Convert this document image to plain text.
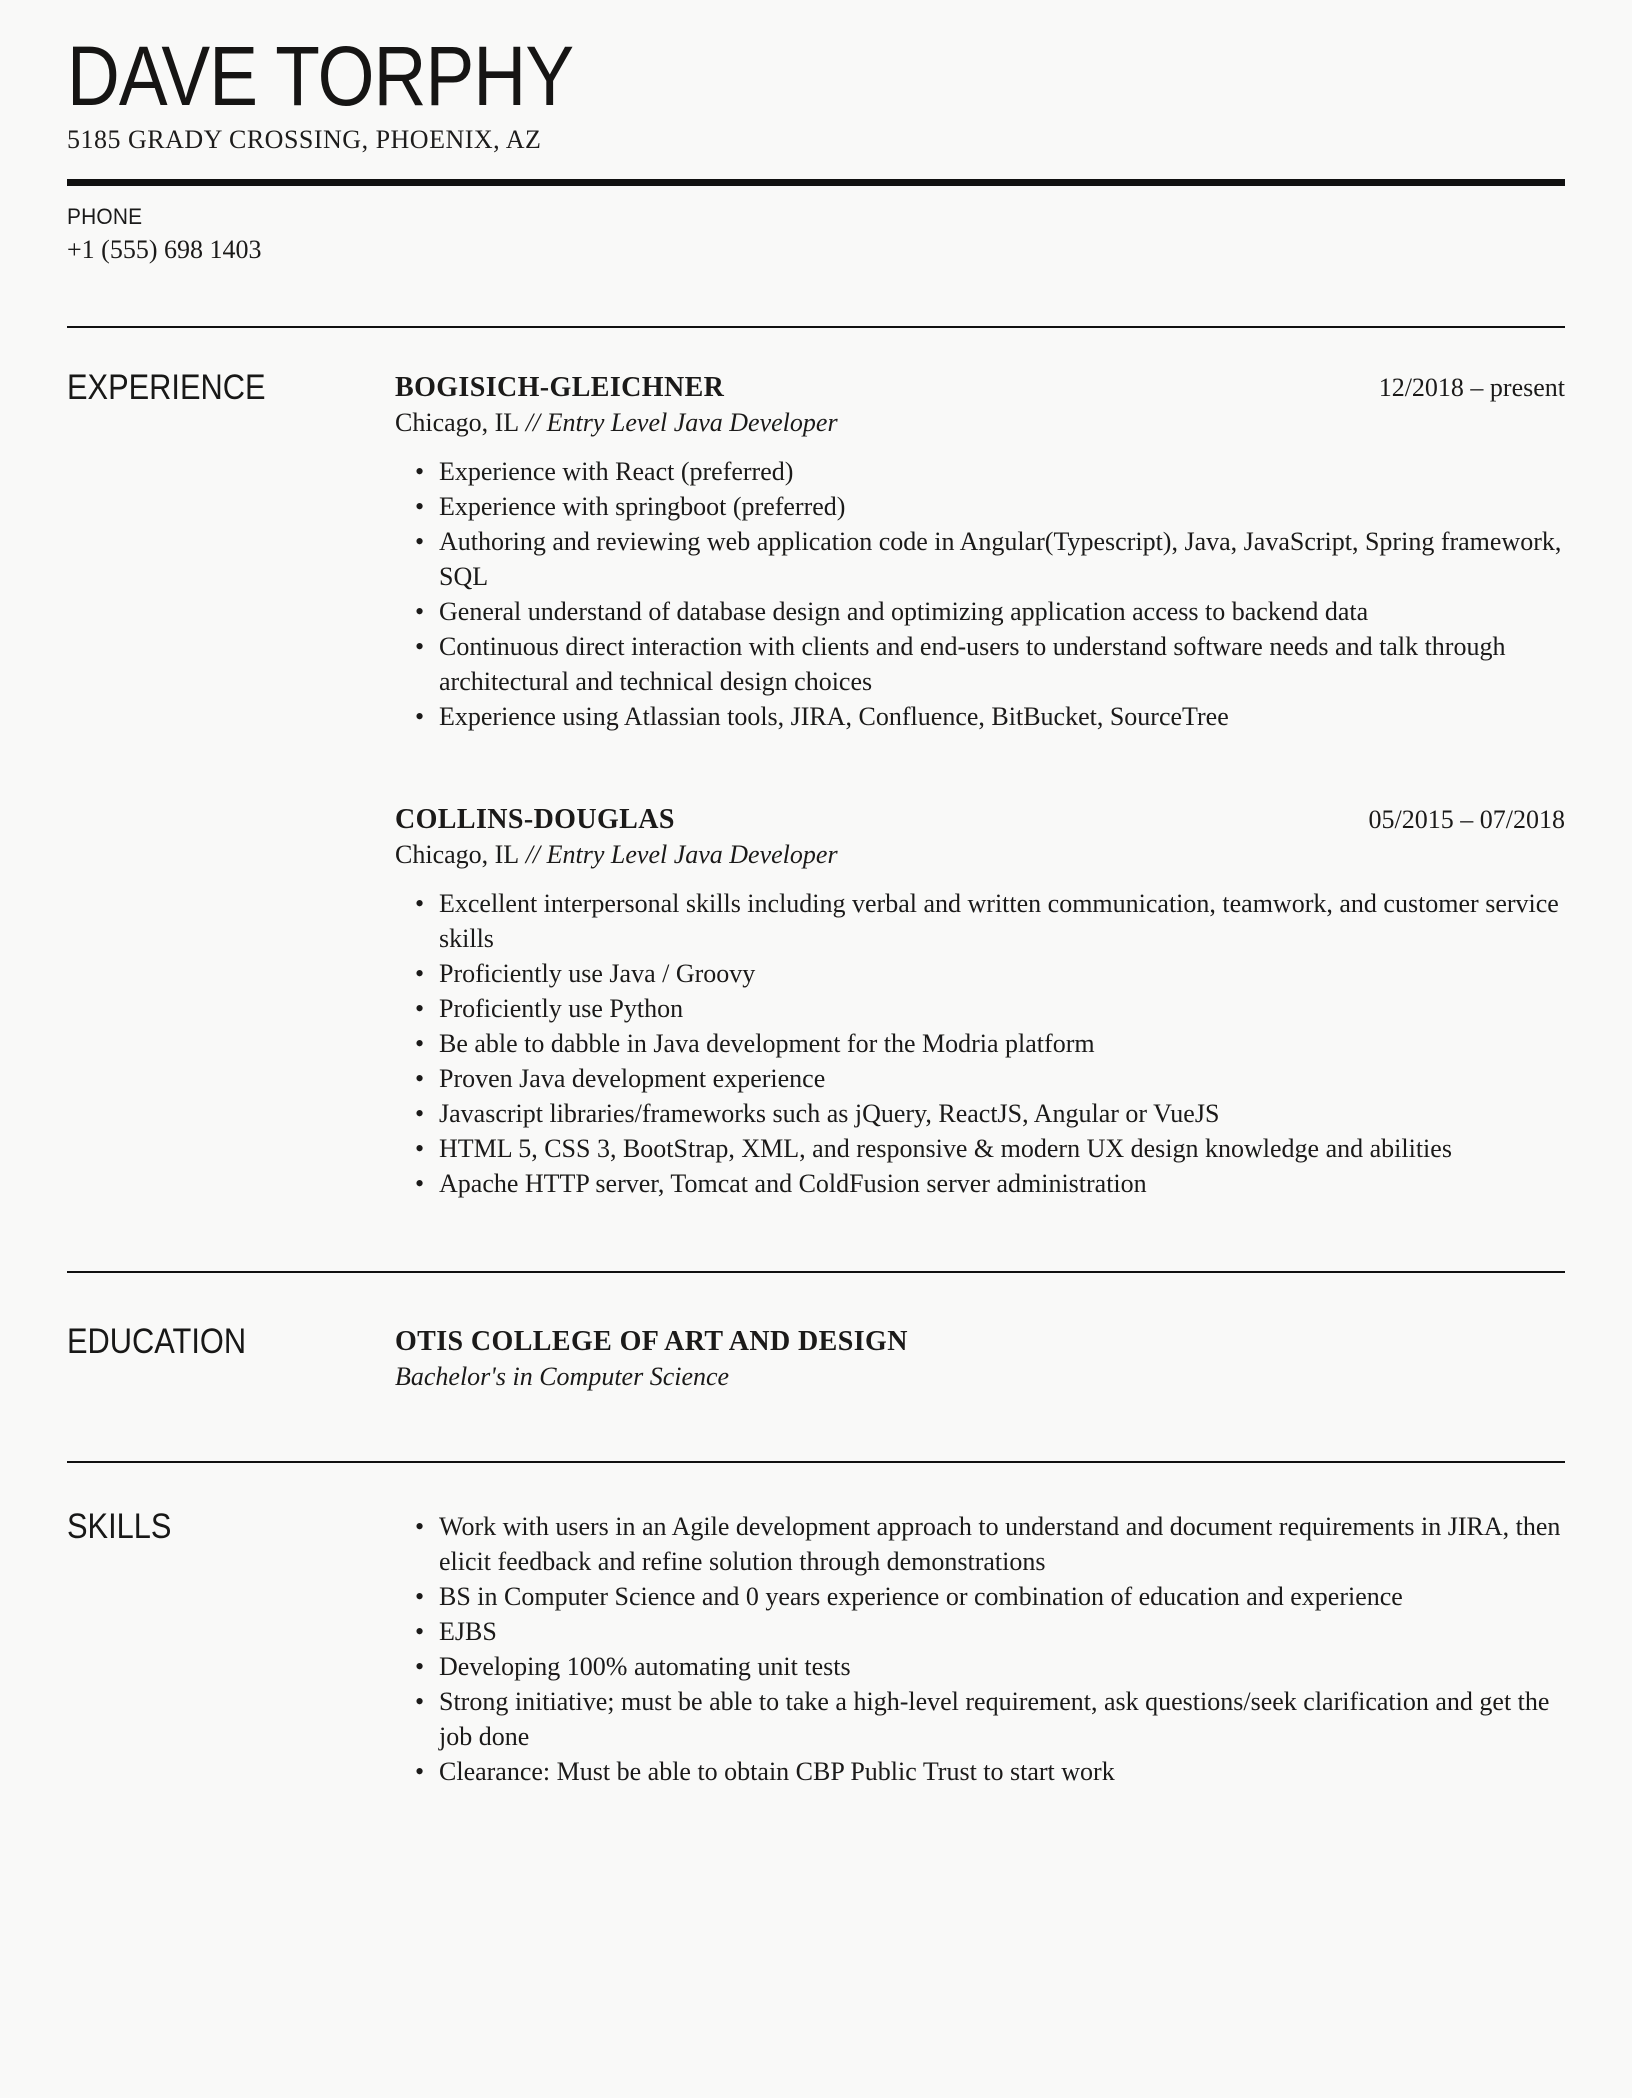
DAVE TORPHY
5185 GRADY CROSSING, PHOENIX, AZ
PHONE
+1 (555) 698 1403
EXPERIENCE	BOGISICH-GLEICHNER	12/2018 – present
Chicago, IL // Entry Level Java Developer
• Experience with React (preferred)
• Experience with springboot (preferred)
• Authoring and reviewing web application code in Angular(Typescript), Java, JavaScript, Spring framework, SQL
• General understand of database design and optimizing application access to backend data
• Continuous direct interaction with clients and end-users to understand software needs and talk through architectural and technical design choices
• Experience using Atlassian tools, JIRA, Confluence, BitBucket, SourceTree
COLLINS-DOUGLAS	05/2015 – 07/2018
Chicago, IL // Entry Level Java Developer
• Excellent interpersonal skills including verbal and written communication, teamwork, and customer service skills
• Proficiently use Java / Groovy
• Proficiently use Python
• Be able to dabble in Java development for the Modria platform
• Proven Java development experience
• Javascript libraries/frameworks such as jQuery, ReactJS, Angular or VueJS
• HTML 5, CSS 3, BootStrap, XML, and responsive & modern UX design knowledge and abilities
• Apache HTTP server, Tomcat and ColdFusion server administration
EDUCATION	OTIS COLLEGE OF ART AND DESIGN
Bachelor's in Computer Science
SKILLS	• Work with users in an Agile development approach to understand and document requirements in JIRA, then elicit feedback and refine solution through demonstrations
• BS in Computer Science and 0 years experience or combination of education and experience
• EJBS
• Developing 100% automating unit tests
• Strong initiative; must be able to take a high-level requirement, ask questions/seek clarification and get the job done
• Clearance: Must be able to obtain CBP Public Trust to start work
